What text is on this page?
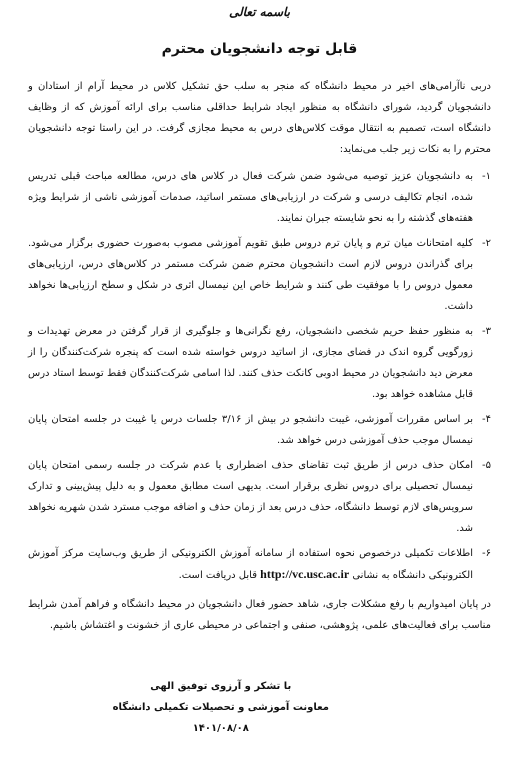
باسمه تعالی
قابل توجه دانشجویان محترم

دربی ناآرامی‌های اخیر در محیط دانشگاه که منجر به سلب حق تشکیل کلاس در محیط آرام از استادان و دانشجویان گردید، شورای دانشگاه به منظور ایجاد شرایط حداقلی مناسب برای ارائه آموزش که از وظایف دانشگاه است، تصمیم به انتقال موقت کلاس‌های درس به محیط مجازی گرفت. در این راستا توجه دانشجویان محترم را به نکات زیر جلب می‌نماید:

۱-
به دانشجویان عزیز توصیه می‌شود ضمن شرکت فعال در کلاس های درس، مطالعه مباحث قبلی تدریس شده، انجام تکالیف درسی و شرکت در ارزیابی‌های مستمر اساتید، صدمات آموزشی ناشی از شرایط ویژه هفته‌های گذشته را به نحو شایسته جبران نمایند.
۲-
کلیه امتحانات میان ترم و پایان ترم دروس طبق تقویم آموزشی مصوب به‌صورت حضوری برگزار می‌شود. برای گذراندن دروس لازم است دانشجویان محترم ضمن شرکت مستمر در کلاس‌های درس، ارزیابی‌های معمول دروس را با موفقیت طی کنند و شرایط خاص این نیمسال اثری در شکل و سطح ارزیابی‌ها نخواهد داشت.
۳-
به منظور حفظ حریم شخصی دانشجویان، رفع نگرانی‌ها و جلوگیری از قرار گرفتن در معرض تهدیدات و زورگویی گروه اندک در فضای مجازی، از اساتید دروس خواسته شده است که پنجره شرکت‌کنندگان را از معرض دید دانشجویان در محیط ادوبی کانکت حذف کنند. لذا اسامی شرکت‌کنندگان فقط توسط استاد درس قابل مشاهده خواهد بود.
۴-
بر اساس مقررات آموزشی، غیبت دانشجو در بیش از ۳/۱۶ جلسات درس یا غیبت در جلسه امتحان پایان نیمسال موجب حذف آموزشی درس خواهد شد.
۵-
امکان حذف درس از طریق ثبت تقاضای حذف اضطراری یا عدم شرکت در جلسه رسمی امتحان پایان نیمسال تحصیلی برای دروس نظری برقرار است. بدیهی است مطابق معمول و به دلیل پیش‌بینی و تدارک سرویس‌های لازم توسط دانشگاه، حذف درس بعد از زمان حذف و اضافه موجب مسترد شدن شهریه نخواهد شد.
۶-
اطلاعات تکمیلی درخصوص نحوه استفاده از سامانه آموزش الکترونیکی از طریق وب‌سایت مرکز آموزش الکترونیکی دانشگاه به نشانی http://vc.usc.ac.ir قابل دریافت است.

در پایان امیدواریم با رفع مشکلات جاری، شاهد حضور فعال دانشجویان در محیط دانشگاه و فراهم آمدن شرایط مناسب برای فعالیت‌های علمی، پژوهشی، صنفی و اجتماعی در محیطی عاری از خشونت و اغتشاش باشیم.

با تشکر و آرزوی توفیق الهی
معاونت آموزشی و تحصیلات تکمیلی دانشگاه
۱۴۰۱/۰۸/۰۸
